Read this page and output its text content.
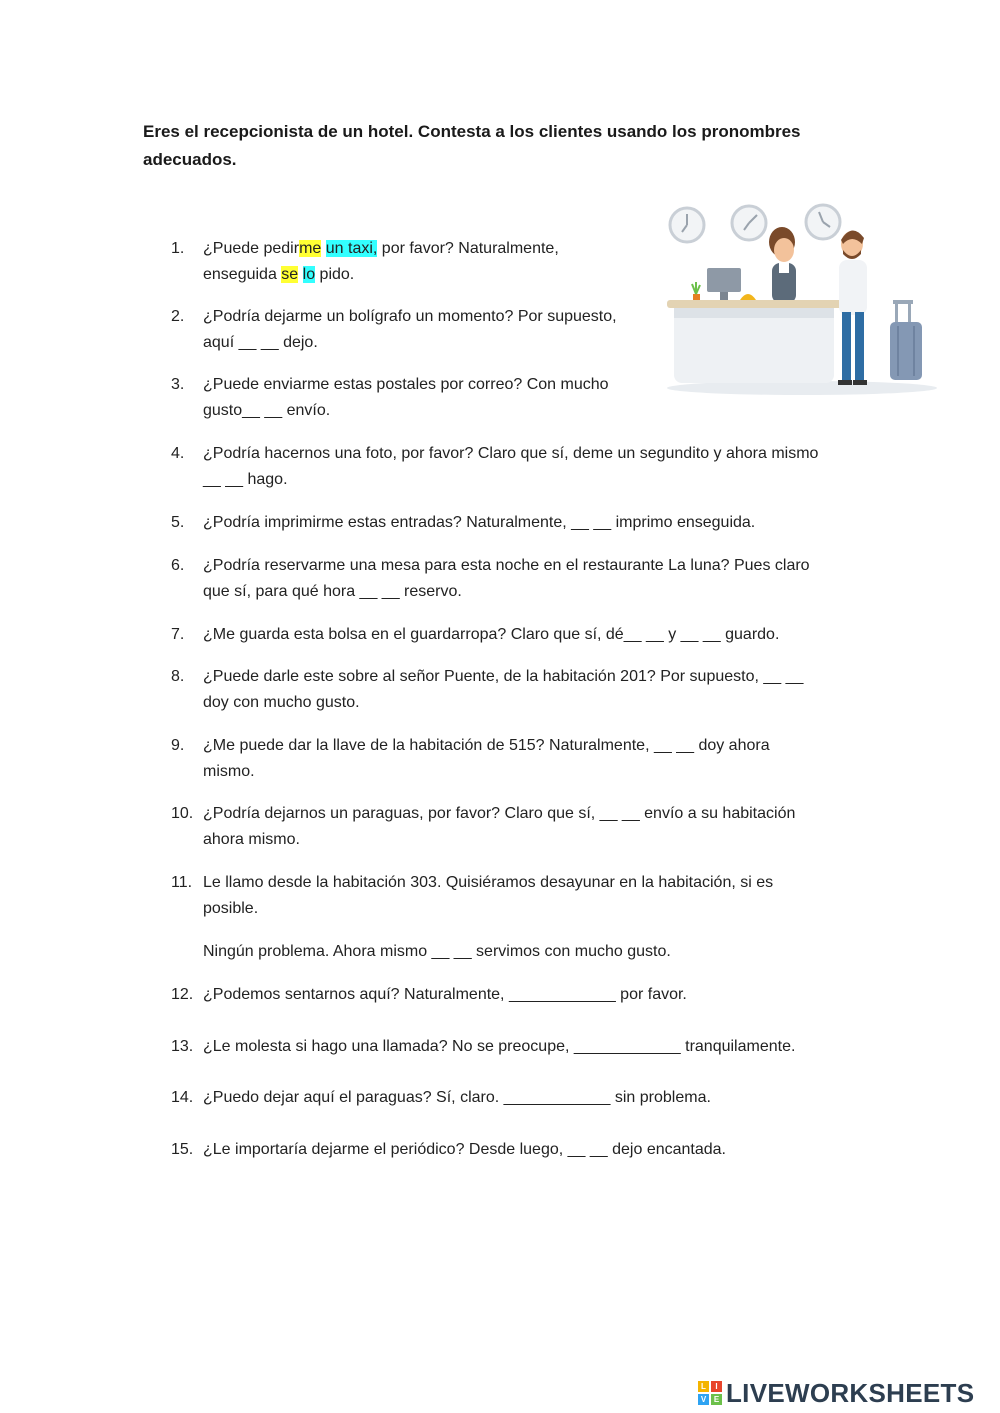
Eres el recepcionista de un hotel. Contesta a los clientes usando los pronombres
adecuados.
1.	¿Puede pedirme un taxi, por favor? Naturalmente,
enseguida se lo pido.
2.	¿Podría dejarme un bolígrafo un momento? Por supuesto,
aquí __ __ dejo.
3.	¿Puede enviarme estas postales por correo? Con mucho
gusto__ __ envío.
4.	¿Podría hacernos una foto, por favor? Claro que sí, deme un segundito y ahora mismo
__ __ hago.
5.	¿Podría imprimirme estas entradas? Naturalmente, __ __ imprimo enseguida.
6.	¿Podría reservarme una mesa para esta noche en el restaurante La luna? Pues claro
que sí, para qué hora __ __ reservo.
7.	¿Me guarda esta bolsa en el guardarropa? Claro que sí, dé__ __ y __ __ guardo.
8.	¿Puede darle este sobre al señor Puente, de la habitación 201? Por supuesto, __ __
doy con mucho gusto.
9.	¿Me puede dar la llave de la habitación de 515? Naturalmente, __ __ doy ahora
mismo.
10. ¿Podría dejarnos un paraguas, por favor? Claro que sí, __ __ envío a su habitación
ahora mismo.
11. Le llamo desde la habitación 303. Quisiéramos desayunar en la habitación, si es
posible.
Ningún problema. Ahora mismo __ __ servimos con mucho gusto.
12. ¿Podemos sentarnos aquí? Naturalmente, ____________ por favor.
13. ¿Le molesta si hago una llamada? No se preocupe, ____________ tranquilamente.
14. ¿Puedo dejar aquí el paraguas? Sí, claro. ____________ sin problema.
15. ¿Le importaría dejarme el periódico? Desde luego, __ __ dejo encantada.
L	I
V E LIVEWORKSHEETS
